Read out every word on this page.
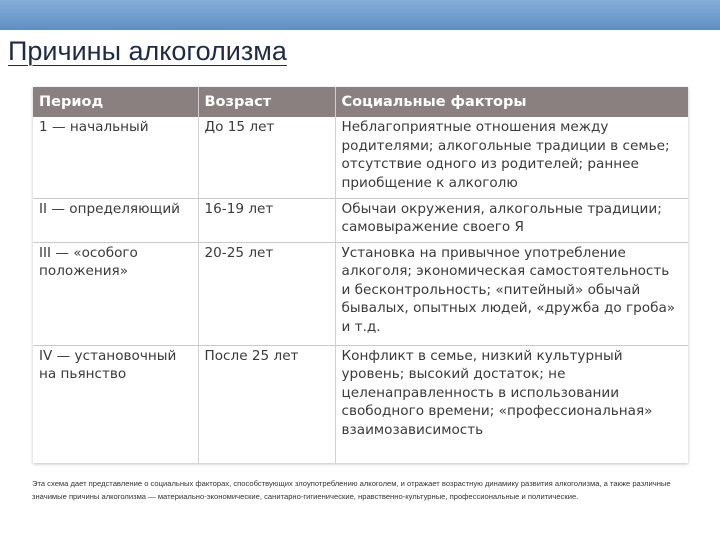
Причины алкоголизма
Период	Возраст	Социальные факторы
1 — начальный	До 15 лет	Неблагоприятные отношения между родителями; алкогольные традиции в семье; отсутствие одного из родителей; раннее приобщение к алкоголю
II — определяющий	16-19 лет	Обычаи окружения, алкогольные традиции; самовыражение своего Я
III — «особого положения»	20-25 лет	Установка на привычное употребление алкоголя; экономическая самостоятельность и бесконтрольность; «питейный» обычай бывалых, опытных людей, «дружба до гроба» и т.д.
IV — установочный на пьянство	После 25 лет	Конфликт в семье, низкий культурный уровень; высокий достаток; не целенаправленность в использовании свободного времени; «профессиональная» взаимозависимость

Эта схема дает представление о социальных факторах, способствующих злоупотреблению алкоголем, и отражает возрастную динамику развития алкоголизма, а также различные значимые причины алкоголизма — материально-экономические, санитарно-гигиенические, нравственно-культурные, профессиональные и политические.
